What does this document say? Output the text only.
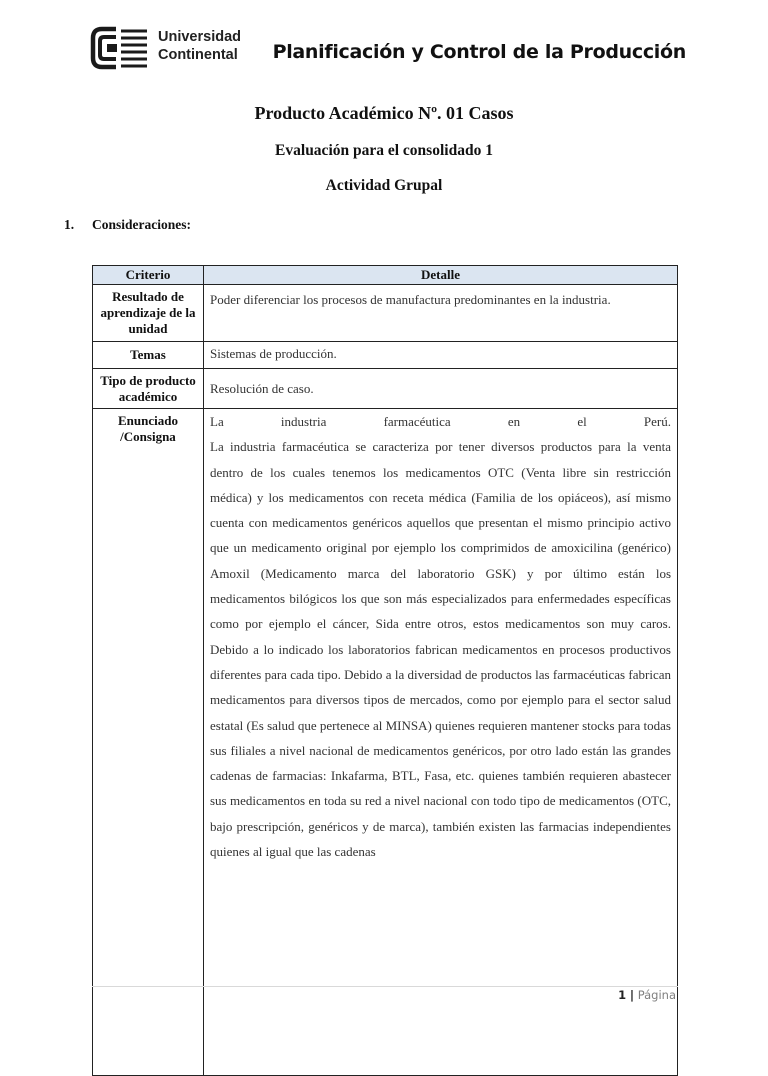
Universidad
Continental Planificación y Control de la Producción
Producto Académico Nº. 01 Casos
Evaluación para el consolidado 1
Actividad Grupal
1. Consideraciones:
Criterio	Detalle
Resultado de aprendizaje de la unidad	Poder diferenciar los procesos de manufactura predominantes en la industria.
Temas	Sistemas de producción.
Tipo de producto académico	Resolución de caso.
Enunciado /Consigna	La industria farmacéutica en el Perú.
La industria farmacéutica se caracteriza por tener diversos productos para la venta dentro de los cuales tenemos los medicamentos OTC (Venta libre sin restricción médica) y los medicamentos con receta médica (Familia de los opiáceos), así mismo cuenta con medicamentos genéricos aquellos que presentan el mismo principio activo que un medicamento original por ejemplo los comprimidos de amoxicilina (genérico) Amoxil (Medicamento marca del laboratorio GSK) y por último están los medicamentos bilógicos los que son más especializados para enfermedades específicas como por ejemplo el cáncer, Sida entre otros, estos medicamentos son muy caros. Debido a lo indicado los laboratorios fabrican medicamentos en procesos productivos diferentes para cada tipo. Debido a la diversidad de productos las farmacéuticas fabrican medicamentos para diversos tipos de mercados, como por ejemplo para el sector salud estatal (Es salud que pertenece al MINSA) quienes requieren mantener stocks para todas sus filiales a nivel nacional de medicamentos genéricos, por otro lado están las grandes cadenas de farmacias: Inkafarma, BTL, Fasa, etc. quienes también requieren abastecer sus medicamentos en toda su red a nivel nacional con todo tipo de medicamentos (OTC, bajo prescripción, genéricos y de marca), también existen las farmacias independientes quienes al igual que las cadenas
1 | Página
